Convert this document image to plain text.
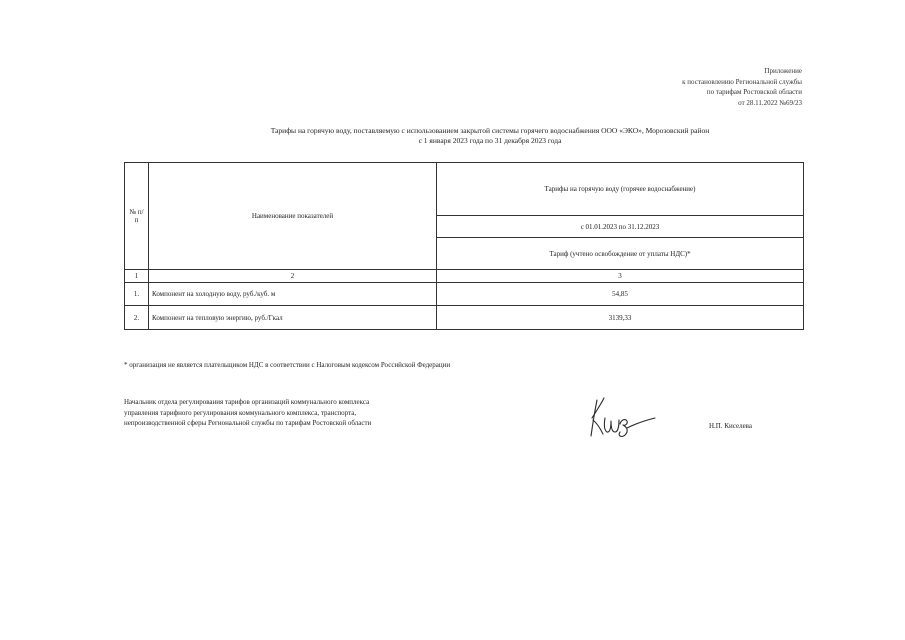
Приложение
к постановлению Региональной службы
по тарифам Ростовской области
от 28.11.2022 №69/23
Тарифы на горячую воду, поставляемую с использованием закрытой системы горячего водоснабжения ООО «ЭКО», Морозовский район
с 1 января 2023 года по 31 декабря 2023 года
№ п/п	Наименование показателей	Тарифы на горячую воду (горячее водоснабжение)
		с 01.01.2023 по 31.12.2023
		Тариф (учтено освобождение от уплаты НДС)*
1	2	3
1.	Компонент на холодную воду, руб./куб. м	54,85
2.	Компонент на тепловую энергию, руб./Гкал	3139,33
* организация не является плательщиком НДС в соответствии с Налоговым кодексом Российской Федерации
Начальник отдела регулирования тарифов организаций коммунального комплекса
управления тарифного регулирования коммунального комплекса, транспорта,
непроизводственной сферы Региональной службы по тарифам Ростовской области	Н.П. Киселева
